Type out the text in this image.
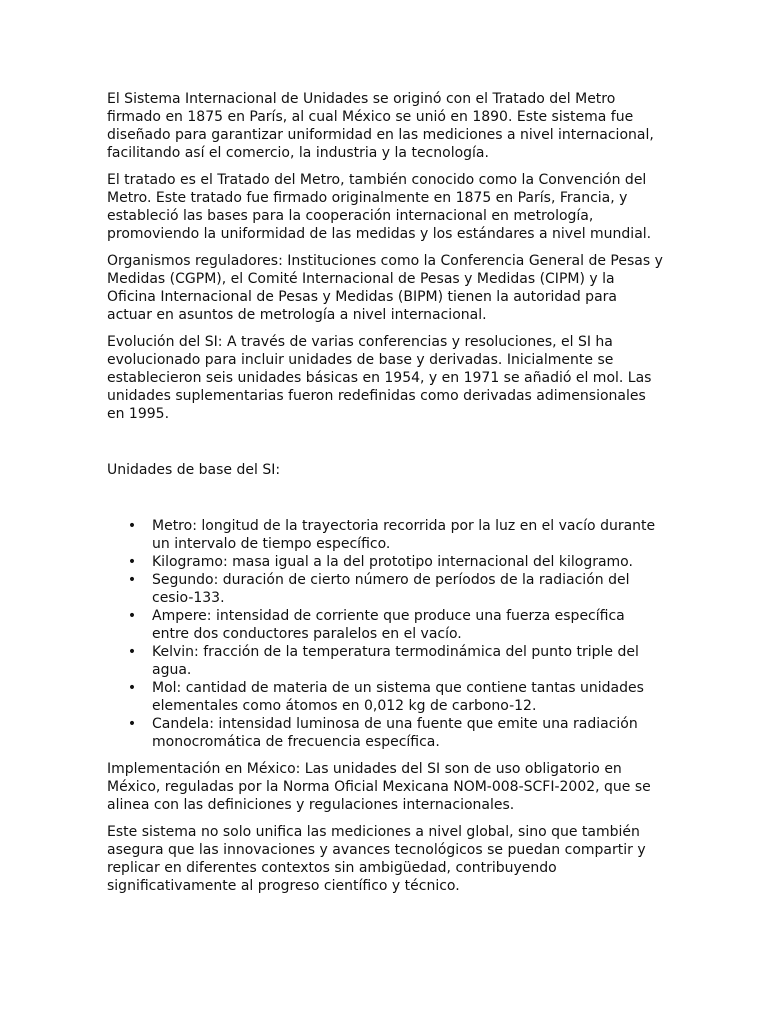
El Sistema Internacional de Unidades se originó con el Tratado del Metro firmado en 1875 en París, al cual México se unió en 1890. Este sistema fue diseñado para garantizar uniformidad en las mediciones a nivel internacional, facilitando así el comercio, la industria y la tecnología.

El tratado es el Tratado del Metro, también conocido como la Convención del Metro. Este tratado fue firmado originalmente en 1875 en París, Francia, y estableció las bases para la cooperación internacional en metrología, promoviendo la uniformidad de las medidas y los estándares a nivel mundial.

Organismos reguladores: Instituciones como la Conferencia General de Pesas y Medidas (CGPM), el Comité Internacional de Pesas y Medidas (CIPM) y la Oficina Internacional de Pesas y Medidas (BIPM) tienen la autoridad para actuar en asuntos de metrología a nivel internacional.

Evolución del SI: A través de varias conferencias y resoluciones, el SI ha evolucionado para incluir unidades de base y derivadas. Inicialmente se establecieron seis unidades básicas en 1954, y en 1971 se añadió el mol. Las unidades suplementarias fueron redefinidas como derivadas adimensionales en 1995.

Unidades de base del SI:

• Metro: longitud de la trayectoria recorrida por la luz en el vacío durante un intervalo de tiempo específico.
• Kilogramo: masa igual a la del prototipo internacional del kilogramo.
• Segundo: duración de cierto número de períodos de la radiación del cesio-133.
• Ampere: intensidad de corriente que produce una fuerza específica entre dos conductores paralelos en el vacío.
• Kelvin: fracción de la temperatura termodinámica del punto triple del agua.
• Mol: cantidad de materia de un sistema que contiene tantas unidades elementales como átomos en 0,012 kg de carbono-12.
• Candela: intensidad luminosa de una fuente que emite una radiación monocromática de frecuencia específica.

Implementación en México: Las unidades del SI son de uso obligatorio en México, reguladas por la Norma Oficial Mexicana NOM-008-SCFI-2002, que se alinea con las definiciones y regulaciones internacionales.

Este sistema no solo unifica las mediciones a nivel global, sino que también asegura que las innovaciones y avances tecnológicos se puedan compartir y replicar en diferentes contextos sin ambigüedad, contribuyendo significativamente al progreso científico y técnico.
